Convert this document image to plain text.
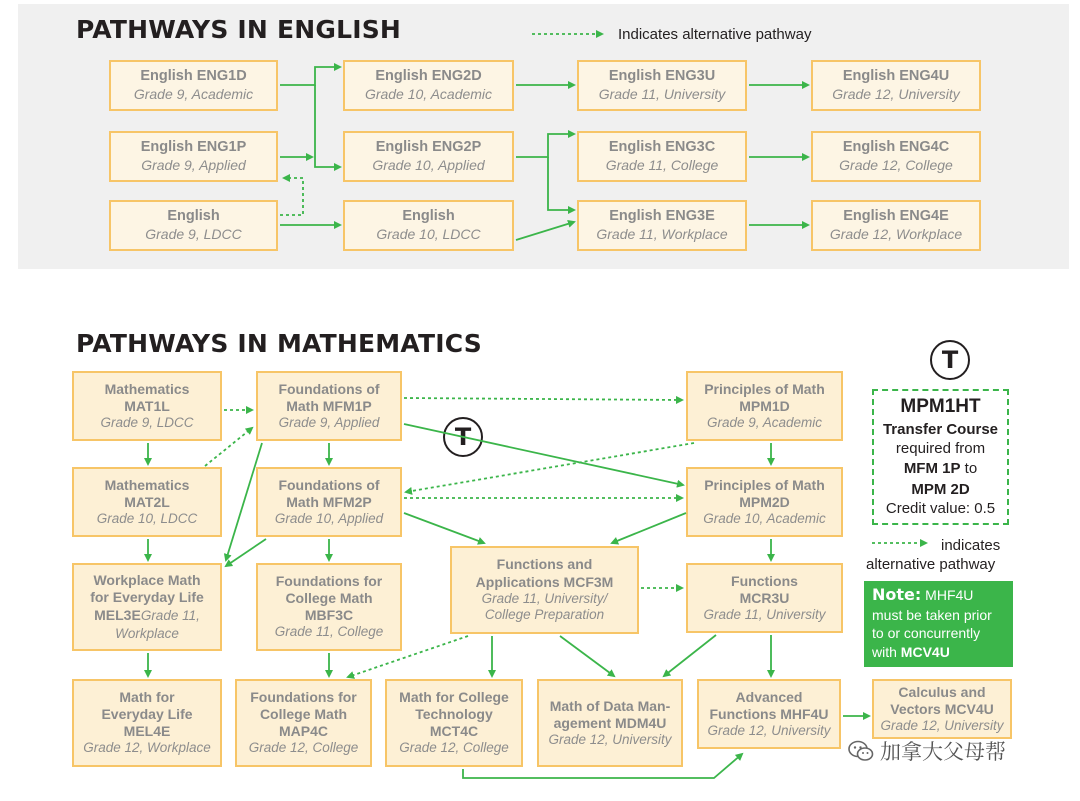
PATHWAYS IN ENGLISH	Indicates alternative pathway
English ENG1D
Grade 9, Academic
English ENG1P
Grade 9, Applied
English
Grade 9, LDCC
English ENG2D
Grade 10, Academic
English ENG2P
Grade 10, Applied
English
Grade 10, LDCC
English ENG3U
Grade 11, University
English ENG3C
Grade 11, College
English ENG3E
Grade 11, Workplace
English ENG4U
Grade 12, University
English ENG4C
Grade 12, College
English ENG4E
Grade 12, Workplace
PATHWAYS IN MATHEMATICS
Mathematics
MAT1L
Grade 9, LDCC
Foundations of
Math MFM1P
Grade 9, Applied
Principles of Math
MPM1D
Grade 9, Academic
Mathematics
MAT2L
Grade 10, LDCC
Foundations of
Math MFM2P
Grade 10, Applied
Principles of Math
MPM2D
Grade 10, Academic
Workplace Math
for Everyday Life
MEL3EGrade 11,
Workplace
Foundations for
College Math
MBF3C
Grade 11, College
Functions and
Applications MCF3M
Grade 11, University/
College Preparation
Functions
MCR3U
Grade 11, University
Math for
Everyday Life
MEL4E
Grade 12, Workplace
Foundations for
College Math
MAP4C
Grade 12, College
Math for College
Technology
MCT4C
Grade 12, College
Math of Data Man-
agement MDM4U
Grade 12, University
Advanced
Functions MHF4U
Grade 12, University
Calculus and
Vectors MCV4U
Grade 12, University
T
T
MPM1HT
Transfer Course
required from
MFM 1P to
MPM 2D
Credit value: 0.5
indicates
alternative pathway
Note: MHF4U
must be taken prior
to or concurrently
with MCV4U
加拿大父母帮
